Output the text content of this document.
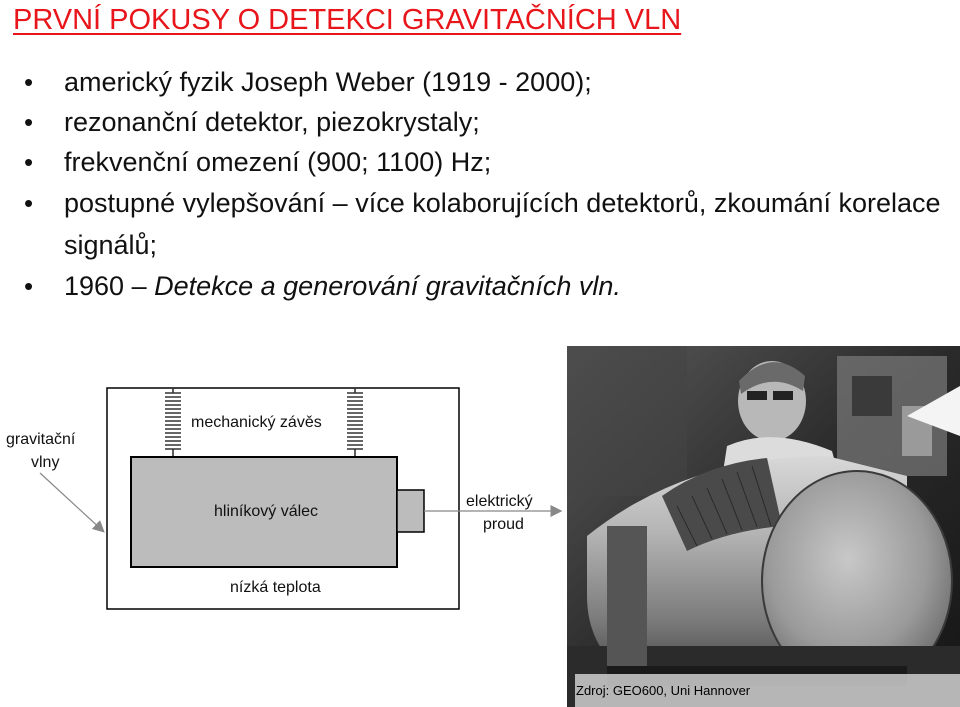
PRVNÍ POKUSY O DETEKCI GRAVITAČNÍCH VLN
• americký fyzik Joseph Weber (1919 - 2000);
• rezonanční detektor, piezokrystaly;
• frekvenční omezení (900; 1100) Hz;
• postupné vylepšování – více kolaborujících detektorů, zkoumání korelace signálů;
• 1960 – Detekce a generování gravitačních vln.
mechanický závěs
hliníkový válec
nízká teplota
gravitační
vlny
elektrický
proud
Zdroj: GEO600, Uni Hannover
